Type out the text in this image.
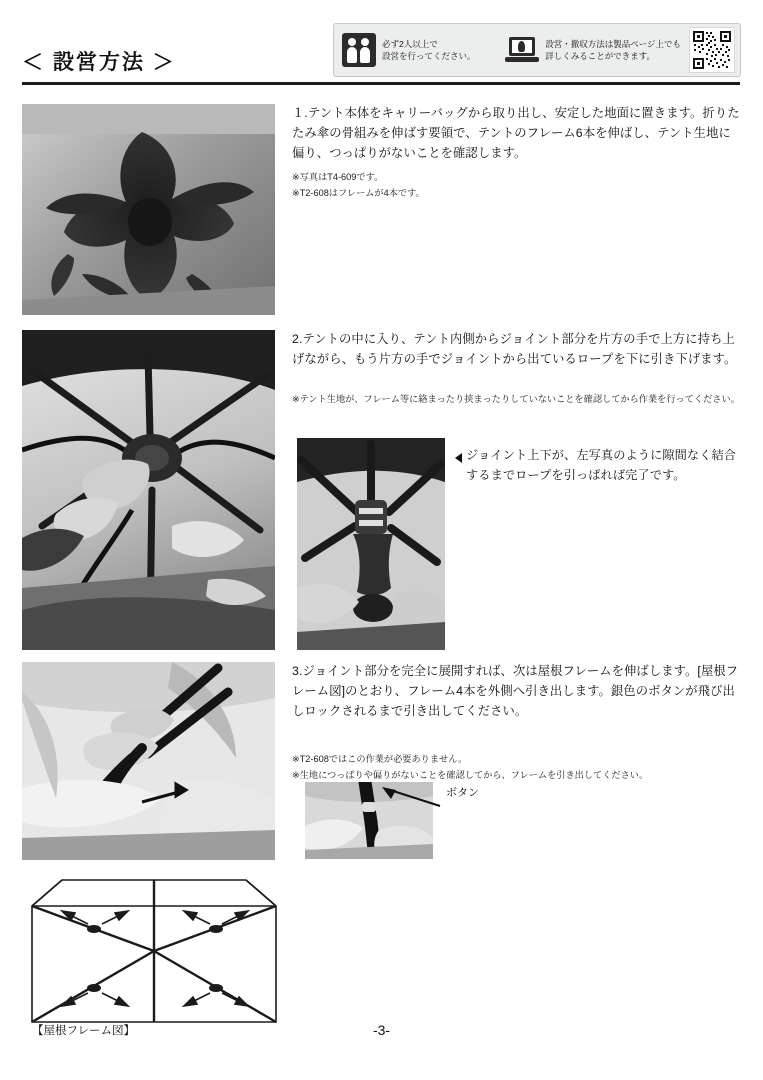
＜ 設営方法 ＞
必ず2人以上で
設営を行ってください。
設営・撤収方法は製品ページ上でも
詳しくみることができます。
１.テント本体をキャリーバッグから取り出し、安定した地面に置きます。折りたたみ傘の骨組みを伸ばす要領で、テントのフレーム6本を伸ばし、テント生地に偏り、つっぱりがないことを確認します。
※写真はT4-609です。
※T2-608はフレームが4本です。
2.テントの中に入り、テント内側からジョイント部分を片方の手で上方に持ち上げながら、もう片方の手でジョイントから出ているロープを下に引き下げます。
※テント生地が、フレーム等に絡まったり挟まったりしていないことを確認してから作業を行ってください。
ジョイント上下が、左写真のように隙間なく結合するまでロープを引っぱれば完了です。
3.ジョイント部分を完全に展開すれば、次は屋根フレームを伸ばします。[屋根フレーム図]のとおり、フレーム4本を外側へ引き出します。銀色のボタンが飛び出しロックされるまで引き出してください。
※T2-608ではこの作業が必要ありません。
※生地につっぱりや偏りがないことを確認してから、フレームを引き出してください。
ボタン
【屋根フレーム図】	-3-
